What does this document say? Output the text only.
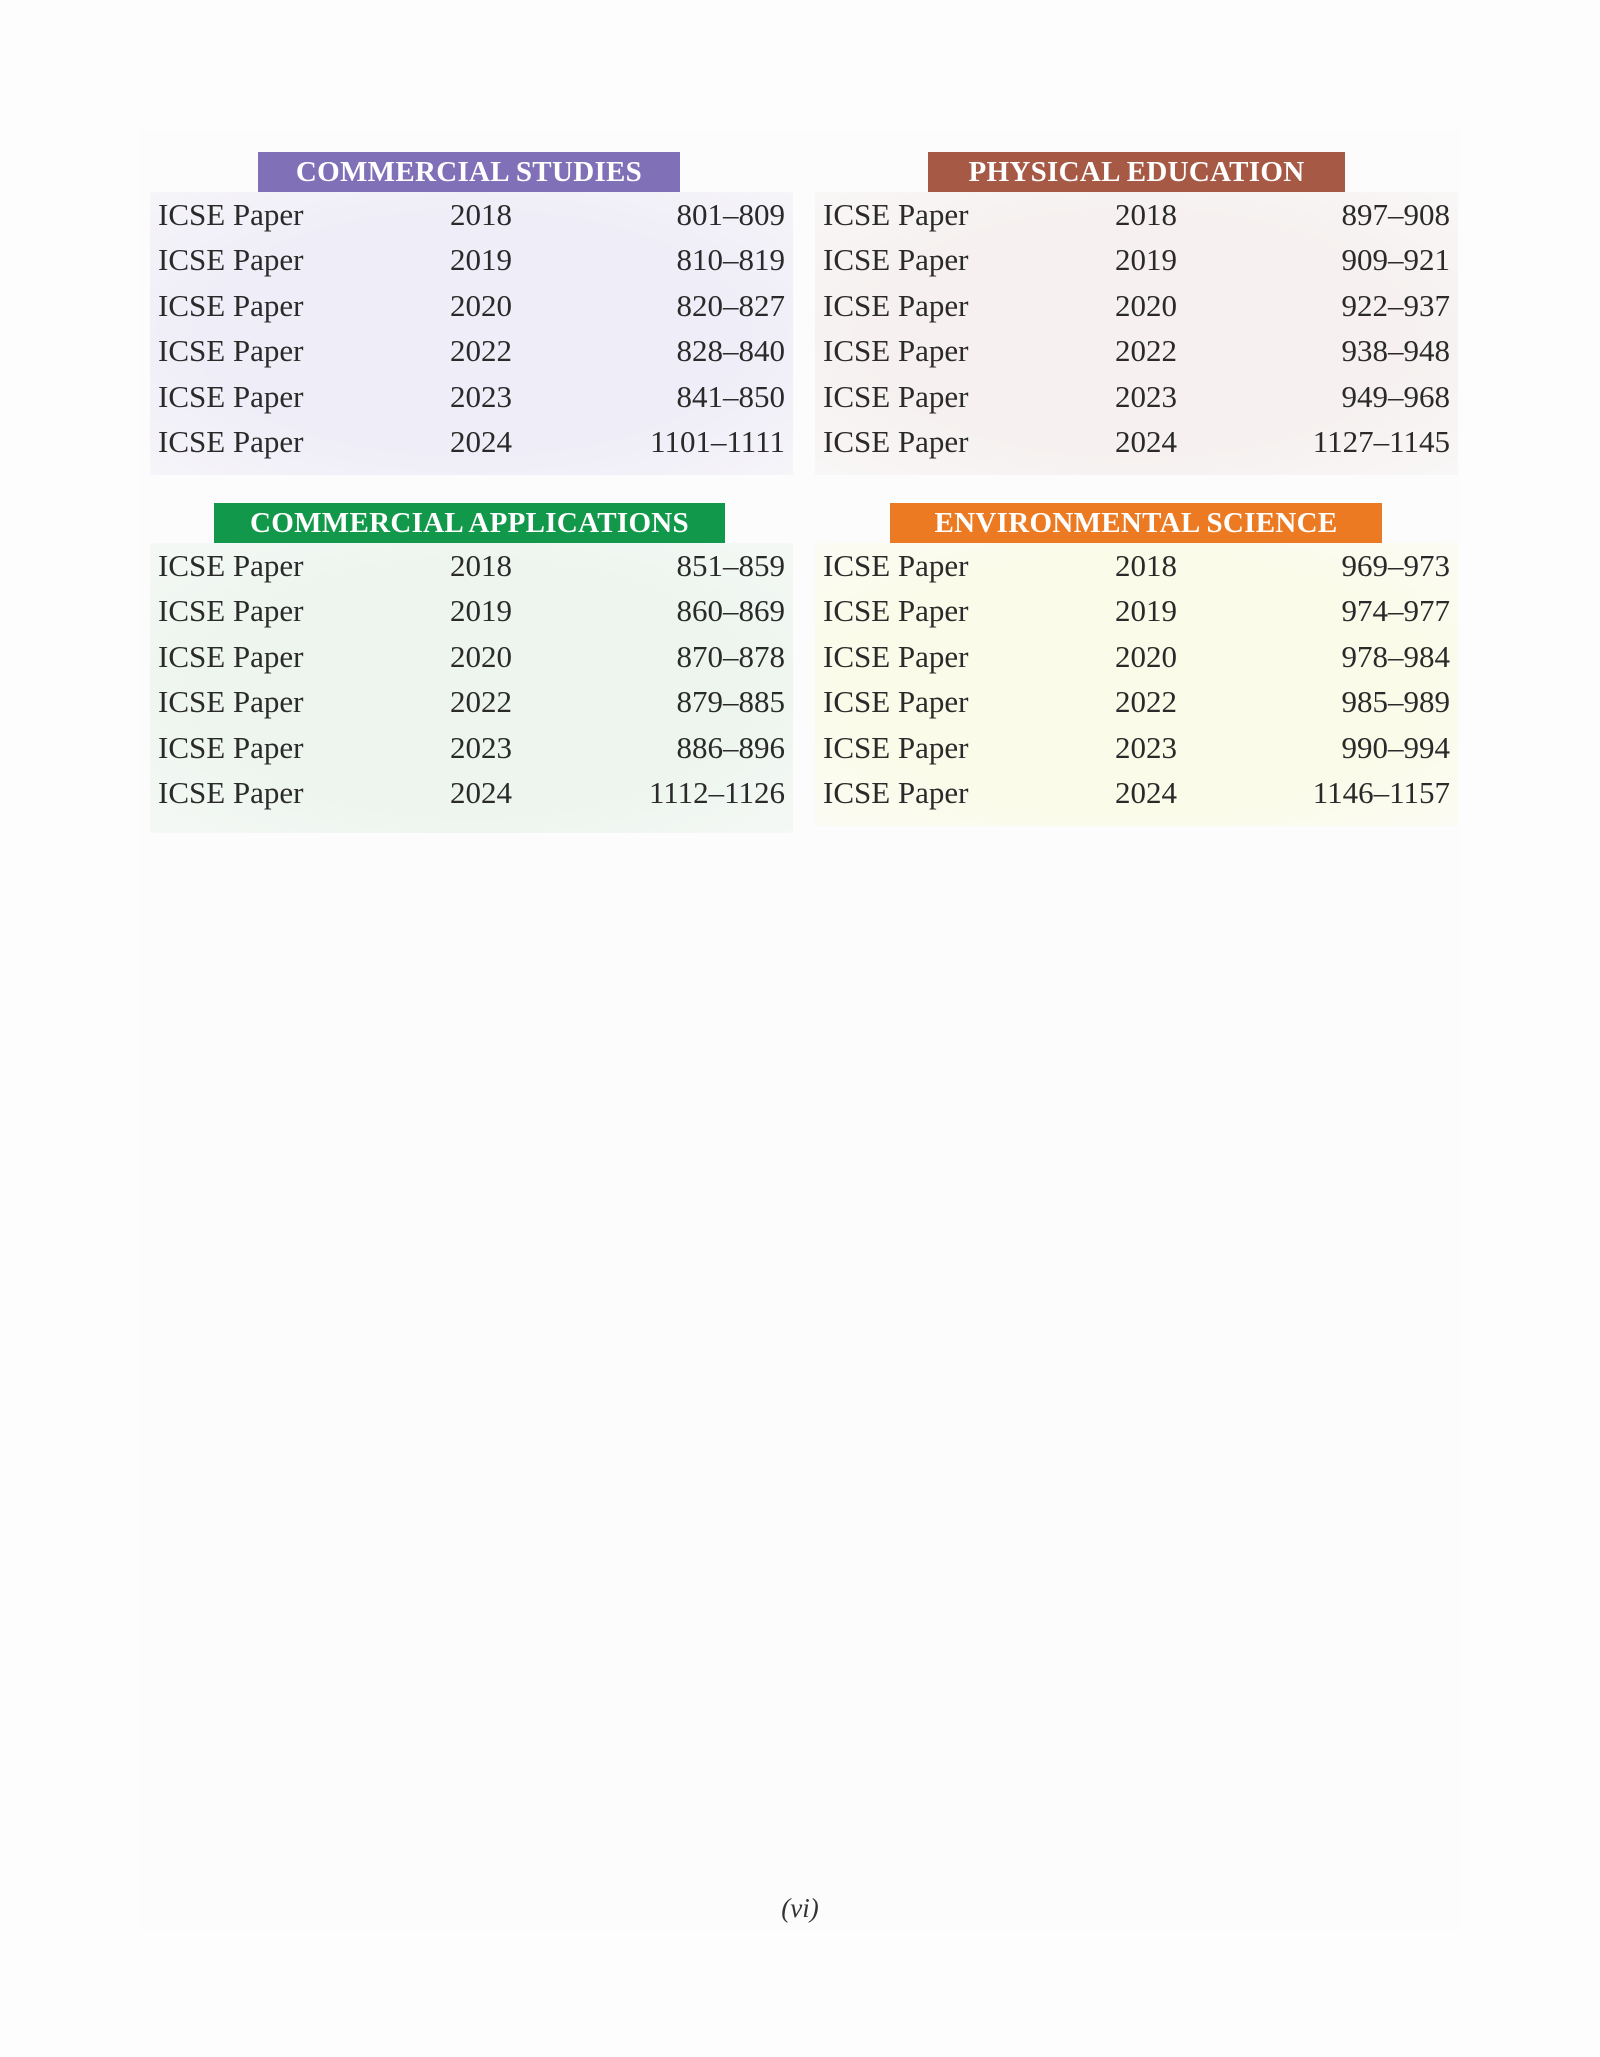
COMMERCIAL STUDIES
ICSE Paper	2018	801–809
ICSE Paper	2019	810–819
ICSE Paper	2020	820–827
ICSE Paper	2022	828–840
ICSE Paper	2023	841–850
ICSE Paper	2024	1101–1111
PHYSICAL EDUCATION
ICSE Paper	2018	897–908
ICSE Paper	2019	909–921
ICSE Paper	2020	922–937
ICSE Paper	2022	938–948
ICSE Paper	2023	949–968
ICSE Paper	2024	1127–1145
COMMERCIAL APPLICATIONS
ICSE Paper	2018	851–859
ICSE Paper	2019	860–869
ICSE Paper	2020	870–878
ICSE Paper	2022	879–885
ICSE Paper	2023	886–896
ICSE Paper	2024	1112–1126
ENVIRONMENTAL SCIENCE
ICSE Paper	2018	969–973
ICSE Paper	2019	974–977
ICSE Paper	2020	978–984
ICSE Paper	2022	985–989
ICSE Paper	2023	990–994
ICSE Paper	2024	1146–1157
(vi)
